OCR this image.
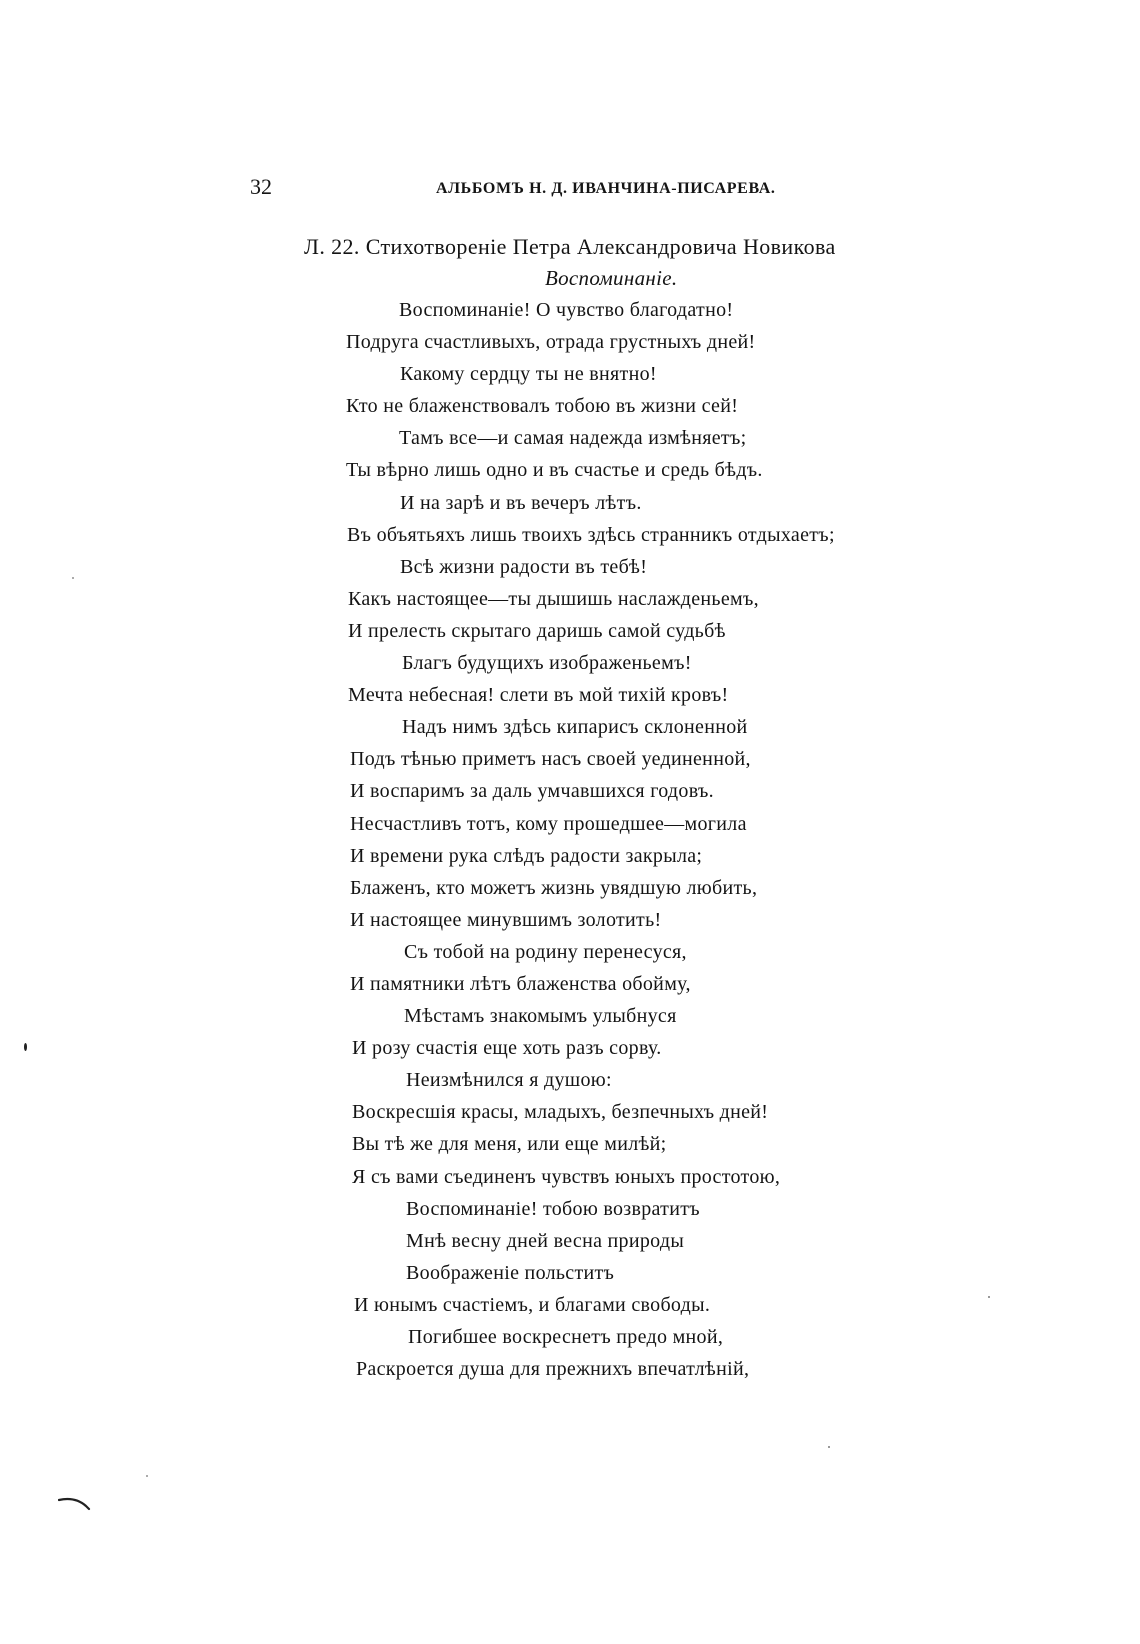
32	АЛЬБОМЪ Н. Д. ИВАНЧИНА-ПИСАРЕВА.
Л. 22. Стихотвореніе Петра Александровича Новикова
Воспоминаніе.
Воспоминаніе! О чувство благодатно!
Подруга счастливыхъ, отрада грустныхъ дней!
Какому сердцу ты не внятно!
Кто не блаженствовалъ тобою въ жизни сей!
Тамъ все—и самая надежда измѣняетъ;
Ты вѣрно лишь одно и въ счастье и средь бѣдъ.
И на зарѣ и въ вечеръ лѣтъ.
Въ объятьяхъ лишь твоихъ здѣсь странникъ отдыхаетъ;
Всѣ жизни радости въ тебѣ!
Какъ настоящее—ты дышишь наслажденьемъ,
И прелесть скрытаго даришь самой судьбѣ
Благъ будущихъ изображеньемъ!
Мечта небесная! слети въ мой тихій кровъ!
Надъ нимъ здѣсь кипарисъ склоненной
Подъ тѣнью приметъ насъ своей уединенной,
И воспаримъ за даль умчавшихся годовъ.
Несчастливъ тотъ, кому прошедшее—могила
И времени рука слѣдъ радости закрыла;
Блаженъ, кто можетъ жизнь увядшую любить,
И настоящее минувшимъ золотить!
Съ тобой на родину перенесуся,
И памятники лѣтъ блаженства обойму,
Мѣстамъ знакомымъ улыбнуся
И розу счастія еще хоть разъ сорву.
Неизмѣнился я душою:
Воскресшія красы, младыхъ, безпечныхъ дней!
Вы тѣ же для меня, или еще милѣй;
Я съ вами съединенъ чувствъ юныхъ простотою,
Воспоминаніе! тобою возвратитъ
Мнѣ весну дней весна природы
Воображеніе польститъ
И юнымъ счастіемъ, и благами свободы.
Погибшее воскреснетъ предо мной,
Раскроется душа для прежнихъ впечатлѣній,
